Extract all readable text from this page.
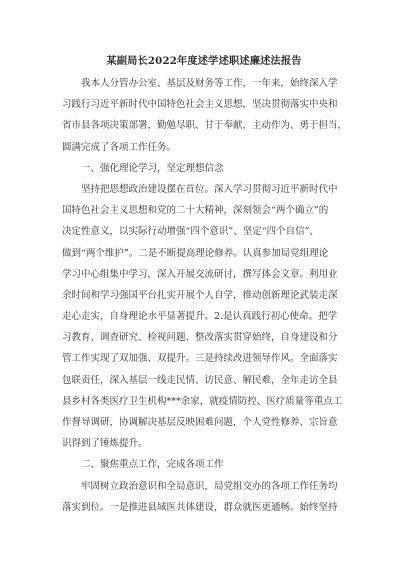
某副局长2022年度述学述职述廉述法报告
我本人分管办公室、基层及财务等工作，一年来，始终深入学
习践行习近平新时代中国特色社会主义思想，坚决贯彻落实中央和
省市县各项决策部署，勤勉尽职、甘于奉献，主动作为、勇于担当，
圆满完成了各项工作任务。
一、强化理论学习，坚定理想信念
坚持把思想政治建设摆在首位。深入学习贯彻习近平新时代中
国特色社会主义思想和党的二十大精神，深刻领会“两个确立”的
决定性意义，以实际行动增强“四个意识”、坚定“四个自信”、
做到“两个维护”。二是不断提高理论修养。认真参加局党组理论
学习中心组集中学习，深入开展交流研讨，撰写体会文章。利用业
余时间和学习强国平台扎实开展个人自学，推动创新理论武装走深
走心走实，自身理论水平显著提升。2.是认真践行初心使命。把学
习教育、调查研究、检视问题、整改落实贯穿始终，自身建设和分
管工作实现了双加强、双提升。三是持续改进领导作风。全面落实
包联责任，深入基层一线走民情、访民意、解民难，全年走访全县
县乡村各类医疗卫生机构***余家，就疫情防控、医疗质量等重点工
作督导调研，协调解决基层反映困难问题，个人党性修养、宗旨意
识得到了锤炼提升。
二、聚焦重点工作，完成各项工作
牢固树立政治意识和全局意识，局党组交办的各项工作任务均
落实到位。一是推进县域医共体建设，群众就医更通畅。始终坚持
